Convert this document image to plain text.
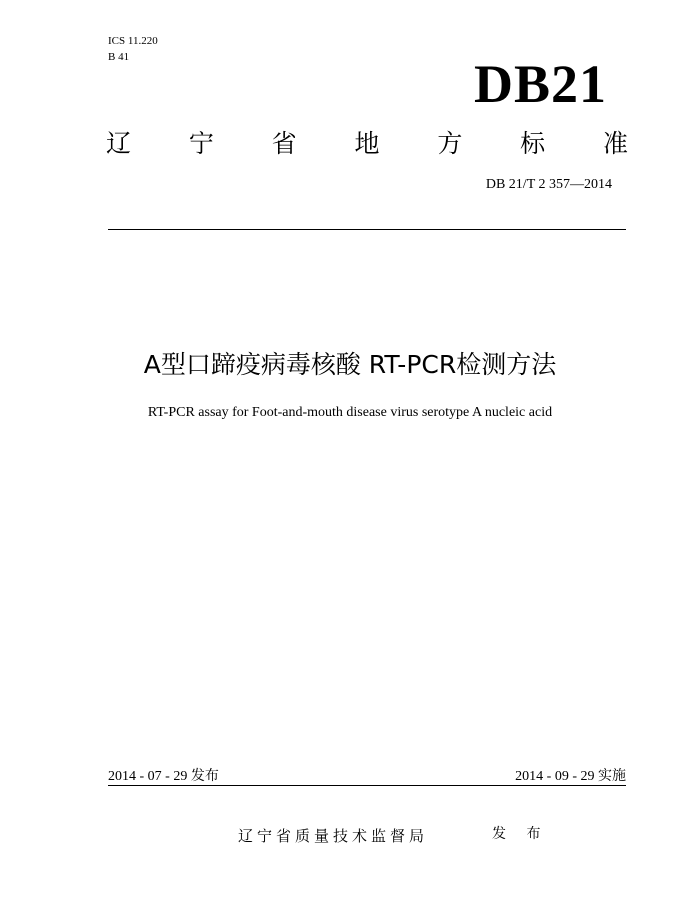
ICS 11.220
B 41	DB21
辽 宁 省 地 方 标 准
DB 21/T 2 357—2014
A型口蹄疫病毒核酸 RT-PCR检测方法
RT-PCR assay for Foot-and-mouth disease virus serotype A nucleic acid
2014 - 07 - 29 发布	2014 - 09 - 29 实施
辽宁省质量技术监督局	发 布
